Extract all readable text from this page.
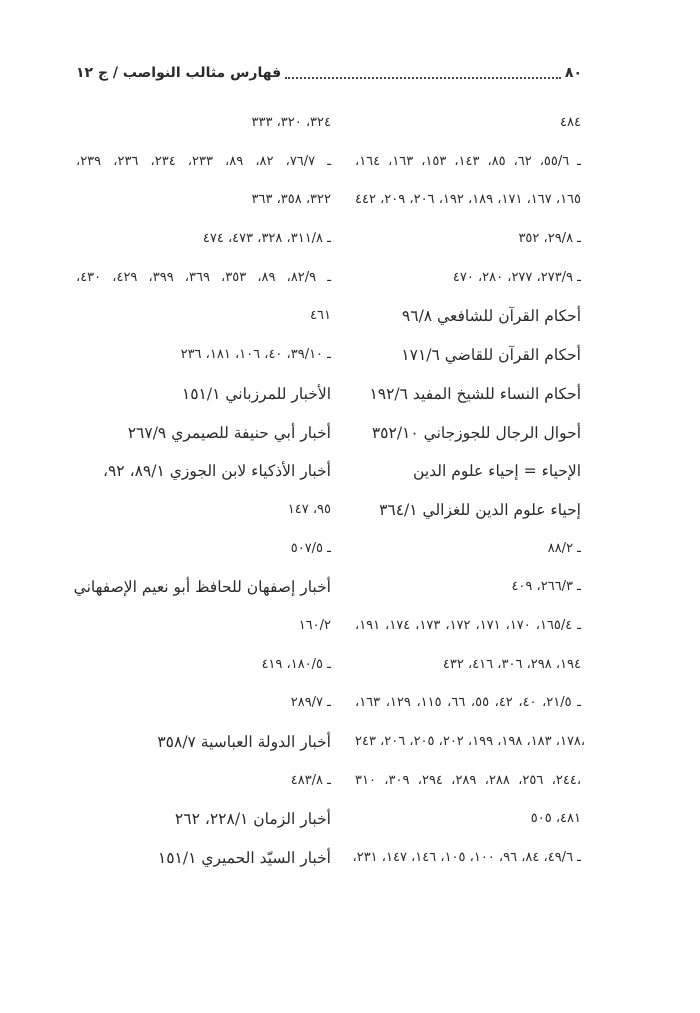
٨٠
فهارس مثالب النواصب / ج ١٢
٤٨٤
ـ ٥٥/٦، ٦٢، ٨٥، ١٤٣، ١٥٣، ١٦٣، ١٦٤،
١٦٥، ١٦٧، ١٧١، ١٨٩، ١٩٢، ٢٠٦، ٢٠٩، ٤٤٢
ـ ٢٩/٨، ٣٥٢
ـ ٢٧٣/٩، ٢٧٧، ٢٨٠، ٤٧٠
أحكام القرآن للشافعي ٩٦/٨
أحكام القرآن للقاضي ١٧١/٦
أحكام النساء للشيخ المفيد ١٩٢/٦
أحوال الرجال للجوزجاني ٣٥٢/١٠
الإحياء = إحياء علوم الدين
إحياء علوم الدين للغزالي ٣٦٤/١
ـ ٨٨/٢
ـ ٢٦٦/٣، ٤٠٩
ـ ١٦٥/٤، ١٧٠، ١٧١، ١٧٢، ١٧٣، ١٧٤، ١٩١،
١٩٤، ٢٩٨، ٣٠٦، ٤١٦، ٤٣٢
ـ ٢١/٥، ٤٠، ٤٢، ٥٥، ٦٦، ١١٥، ١٢٩، ١٦٣،
١٧٨، ١٨٣، ١٩٨، ١٩٩، ٢٠٢، ٢٠٥، ٢٠٦، ٢٤٣،
٢٤٤، ٢٥٦، ٢٨٨، ٢٨٩، ٢٩٤، ٣٠٩، ٣١٠،
٤٨١، ٥٠٥
ـ ٤٩/٦، ٨٤، ٩٦، ١٠٠، ١٠٥، ١٤٦، ١٤٧، ٢٣١،
٣٢٤، ٣٢٠، ٣٣٣
ـ ٧٦/٧، ٨٢، ٨٩، ٢٣٣، ٢٣٤، ٢٣٦، ٢٣٩،
٣٢٢، ٣٥٨، ٣٦٣
ـ ٣١١/٨، ٣٢٨، ٤٧٣، ٤٧٤
ـ ٨٢/٩، ٨٩، ٣٥٣، ٣٦٩، ٣٩٩، ٤٢٩، ٤٣٠،
٤٦١
ـ ٣٩/١٠، ٤٠، ١٠٦، ١٨١، ٢٣٦
الأخبار للمرزباني ١٥١/١
أخبار أبي حنيفة للصيمري ٢٦٧/٩
أخبار الأذكياء لابن الجوزي ٨٩/١، ٩٢،
٩٥، ١٤٧
ـ ٥٠٧/٥
أخبار إصفهان للحافظ أبو نعيم الإصفهاني
١٦٠/٢
ـ ١٨٠/٥، ٤١٩
ـ ٢٨٩/٧
أخبار الدولة العباسية ٣٥٨/٧
ـ ٤٨٣/٨
أخبار الزمان ٢٢٨/١، ٢٦٢
أخبار السيّد الحميري ١٥١/١
